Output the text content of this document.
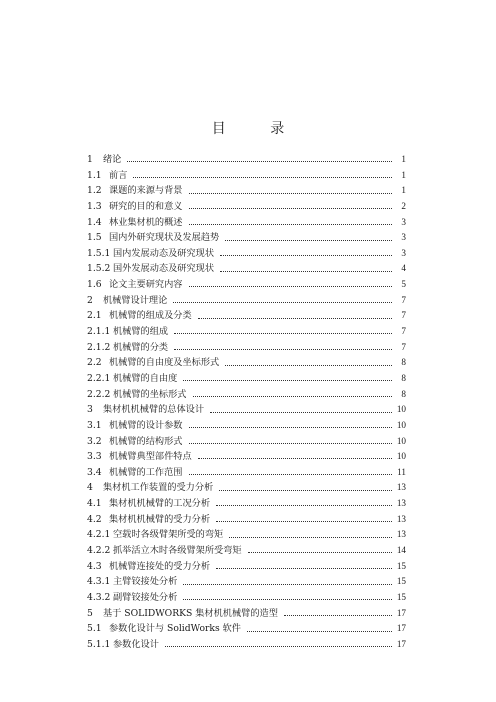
目 录
1	绪论	1
1.1 前言	1
1.2 课题的来源与背景	1
1.3 研究的目的和意义	2
1.4 林业集材机的概述	3
1.5 国内外研究现状及发展趋势	3
1.5.1 国内发展动态及研究现状	3
1.5.2 国外发展动态及研究现状	4
1.6 论文主要研究内容	5
2	机械臂设计理论	7
2.1 机械臂的组成及分类	7
2.1.1 机械臂的组成	7
2.1.2 机械臂的分类	7
2.2 机械臂的自由度及坐标形式	8
2.2.1 机械臂的自由度	8
2.2.2 机械臂的坐标形式	8
3	集材机机械臂的总体设计	10
3.1 机械臂的设计参数	10
3.2 机械臂的结构形式	10
3.3 机械臂典型部件特点	10
3.4 机械臂的工作范围	11
4	集材机工作装置的受力分析	13
4.1 集材机机械臂的工况分析	13
4.2 集材机机械臂的受力分析	13
4.2.1 空载时各级臂架所受的弯矩	13
4.2.2 抓举活立木时各级臂架所受弯矩	14
4.3 机械臂连接处的受力分析	15
4.3.1 主臂铰接处分析	15
4.3.2 副臂铰接处分析	15
5	基于 SOLIDWORKS 集材机机械臂的造型	17
5.1 参数化设计与 SolidWorks 软件	17
5.1.1 参数化设计	17
